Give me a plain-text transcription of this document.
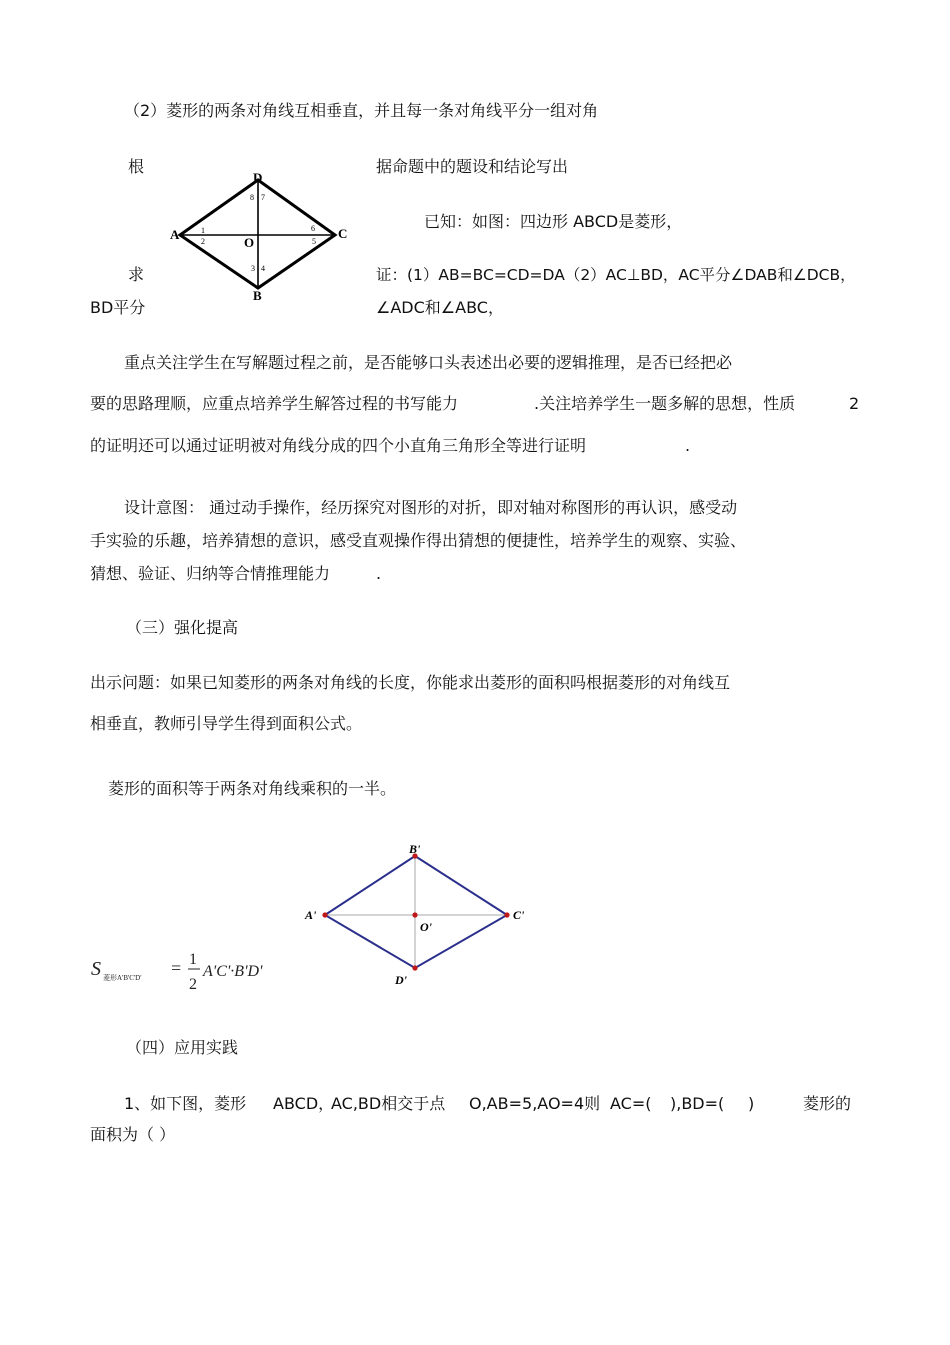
（2）菱形的两条对角线互相垂直，并且每一条对角线平分一组对角
根	据命题中的题设和结论写出
已知：如图：四边形 ABCD是菱形，
求	证：(1）AB=BC=CD=DA（2）AC⊥BD，AC平分∠DAB和∠DCB，
BD平分	∠ADC和∠ABC，
A
D
C
B
O
1
2
3 4
5
6
7
8
重点关注学生在写解题过程之前，是否能够口头表述出必要的逻辑推理，是否已经把必
要的思路理顺，应重点培养学生解答过程的书写能力	.关注培养学生一题多解的思想，性质	2
的证明还可以通过证明被对角线分成的四个小直角三角形全等进行证明	.
设计意图： 通过动手操作，经历探究对图形的对折，即对轴对称图形的再认识，感受动
手实验的乐趣，培养猜想的意识，感受直观操作得出猜想的便捷性，培养学生的观察、实验、
猜想、验证、归纳等合情推理能力	.
（三）强化提高
出示问题：如果已知菱形的两条对角线的长度，你能求出菱形的面积吗根据菱形的对角线互
相垂直，教师引导学生得到面积公式。
菱形的面积等于两条对角线乘积的一半。
B'
A'	C'
O'
D'
S 菱形A'B'C'D' = 1
2
A'C'·B'D'
（四）应用实践
1、如下图，菱形 ABCD，
AC,BD相交于点 O,AB=5,AO=4则 AC=( ),BD=( )	菱形的
面积为（ ）
